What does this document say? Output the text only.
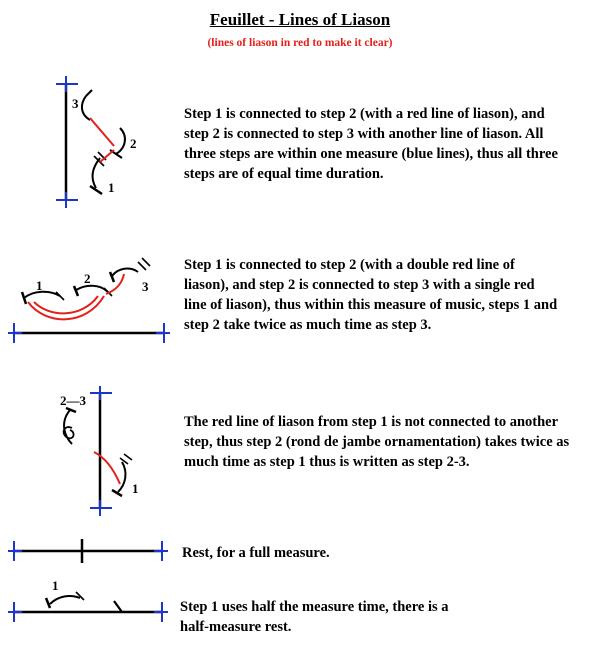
Feuillet - Lines of Liason
(lines of liason in red to make it clear)
3
2
1
1	2
3
2—3
1
1
Step 1 is connected to step 2 (with a red line of liason), and step 2 is connected to step 3 with another line of liason. All three steps are within one measure (blue lines), thus all three steps are of equal time duration.
Step 1 is connected to step 2 (with a double red line of liason), and step 2 is connected to step 3 with a single red line of liason), thus within this measure of music, steps 1 and step 2 take twice as much time as step 3.
The red line of liason from step 1 is not connected to another step, thus step 2 (rond de jambe ornamentation) takes twice as much time as step 1 thus is written as step 2-3.
Rest, for a full measure.
Step 1 uses half the measure time, there is a half-measure rest.
